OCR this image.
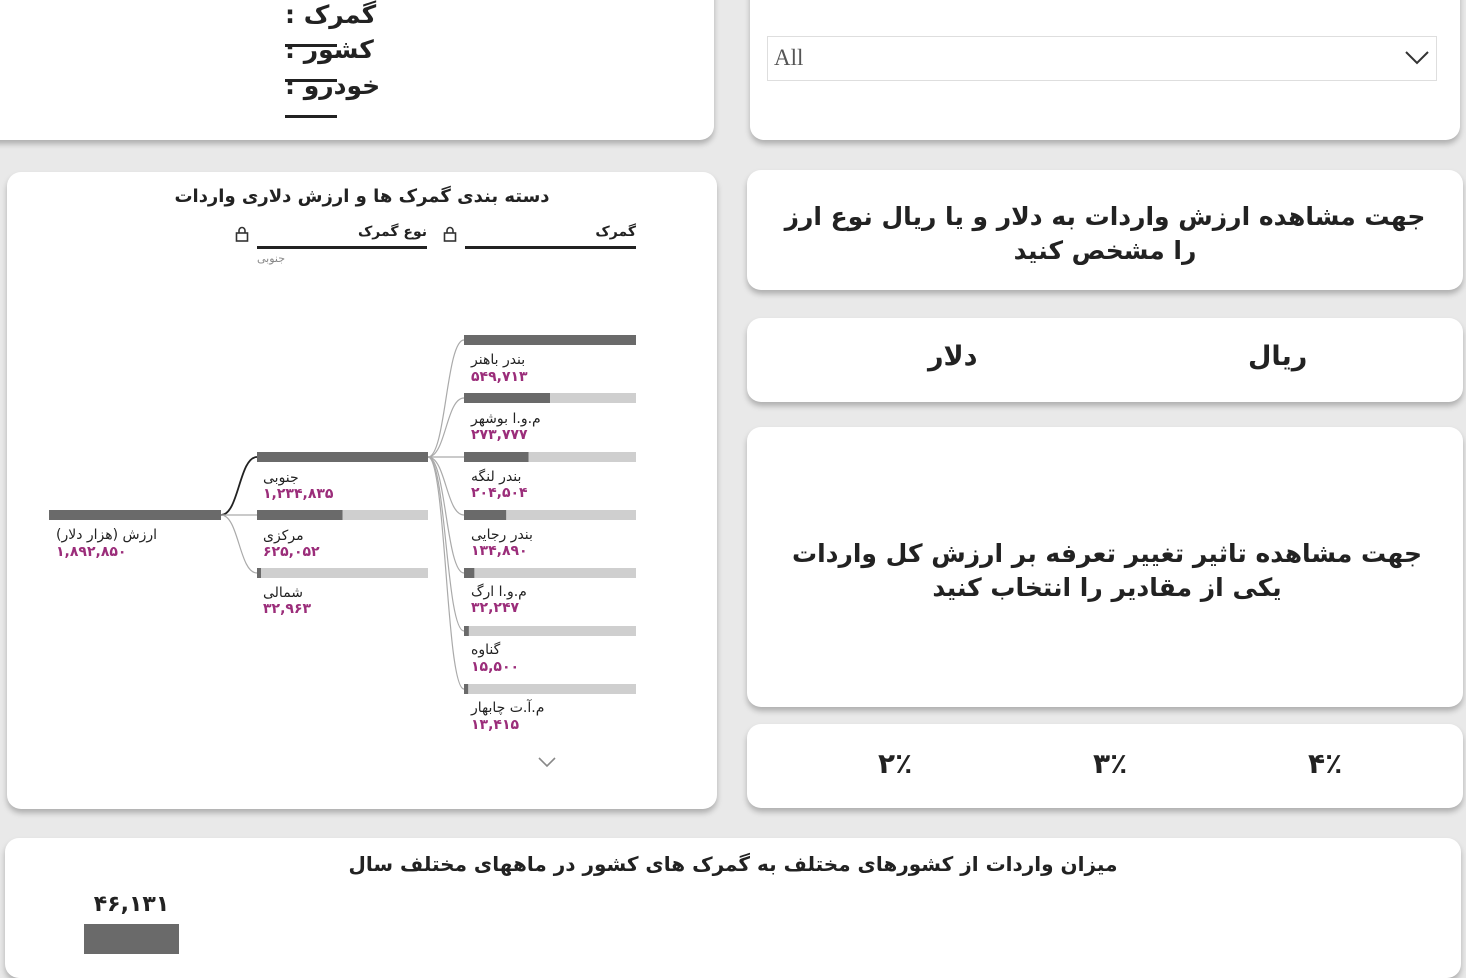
گمرک :
کشور :
خودرو :
All
دسته بندی گمرک ها و ارزش دلاری واردات
نوع گمرک	گمرک
جنوبی
ارزش (هزار دلار)
۱,۸۹۲,۸۵۰
جنوبی
۱,۲۳۴,۸۳۵
مرکزی
۶۲۵,۰۵۲
شمالی
۳۲,۹۶۳
بندر باهنر
۵۴۹,۷۱۳
م.و.ا بوشهر
۲۷۳,۷۷۷
بندر لنگه
۲۰۴,۵۰۴
بندر رجایی
۱۳۴,۸۹۰
م.و.ا ارگ
۳۲,۲۴۷
گناوه
۱۵,۵۰۰
م.آ.ت چابهار
۱۳,۴۱۵
جهت مشاهده ارزش واردات به دلار و یا ریال نوع ارز را مشخص کنید
ریال
دلار
جهت مشاهده تاثیر تغییر تعرفه بر ارزش کل واردات یکی از مقادیر را انتخاب کنید
۴٪
۳٪
۲٪
میزان واردات از کشورهای مختلف به گمرک های کشور در ماههای مختلف سال
۴۶,۱۳۱
